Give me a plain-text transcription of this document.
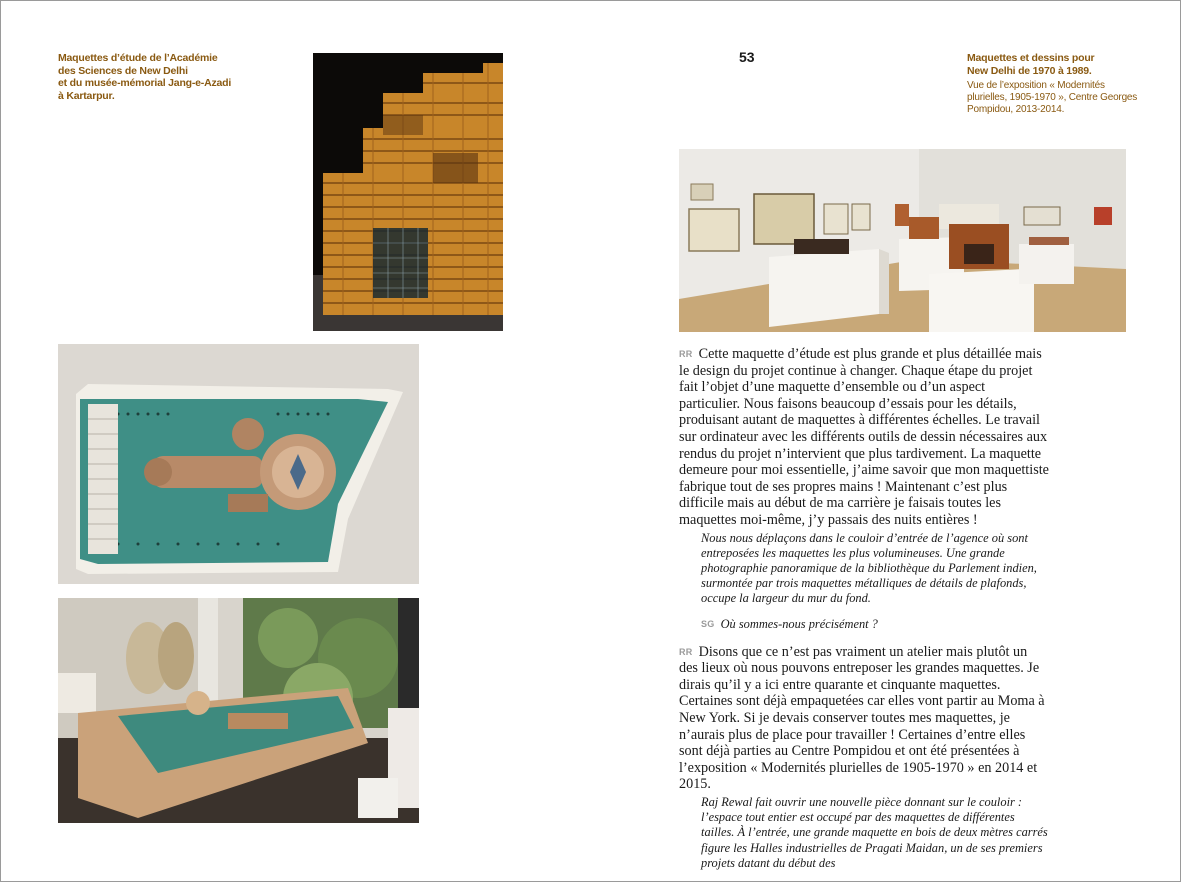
Maquettes d’étude de l’Académie
des Sciences de New Delhi
et du musée-mémorial Jang-e-Azadi
à Kartarpur.
53	Maquettes et dessins pour
New Delhi de 1970 à 1989.
Vue de l’exposition « Modernités
plurielles, 1905-1970 », Centre Georges
Pompidou, 2013-2014.

RR Cette maquette d’étude est plus grande et plus détaillée mais le design du projet continue à changer. Chaque étape du projet fait l’objet d’une maquette d’ensemble ou d’un aspect particulier. Nous faisons beaucoup d’essais pour les détails, produisant autant de maquettes à différentes échelles. Le travail sur ordinateur avec les différents outils de dessin nécessaires aux rendus du projet n’intervient que plus tardivement. La maquette demeure pour moi essentielle, j’aime savoir que mon maquettiste fabrique tout de ses propres mains ! Maintenant c’est plus difficile mais au début de ma carrière je faisais toutes les maquettes moi-même, j’y passais des nuits entières !

Nous nous déplaçons dans le couloir d’entrée de l’agence où sont entreposées les maquettes les plus volumineuses. Une grande photographie panoramique de la bibliothèque du Parlement indien, surmontée par trois maquettes métalliques de détails de plafonds, occupe la largeur du mur du fond.

SG Où sommes-nous précisément ?

RR Disons que ce n’est pas vraiment un atelier mais plutôt un des lieux où nous pouvons entreposer les grandes maquettes. Je dirais qu’il y a ici entre quarante et cinquante maquettes. Certaines sont déjà empaquetées car elles vont partir au Moma à New York. Si je devais conserver toutes mes maquettes, je n’aurais plus de place pour travailler ! Certaines d’entre elles sont déjà parties au Centre Pompidou et ont été présentées à l’exposition « Modernités plurielles de 1905-1970 » en 2014 et 2015.

Raj Rewal fait ouvrir une nouvelle pièce donnant sur le couloir : l’espace tout entier est occupé par des maquettes de différentes tailles. À l’entrée, une grande maquette en bois de deux mètres carrés figure les Halles industrielles de Pragati Maidan, un de ses premiers projets datant du début des
